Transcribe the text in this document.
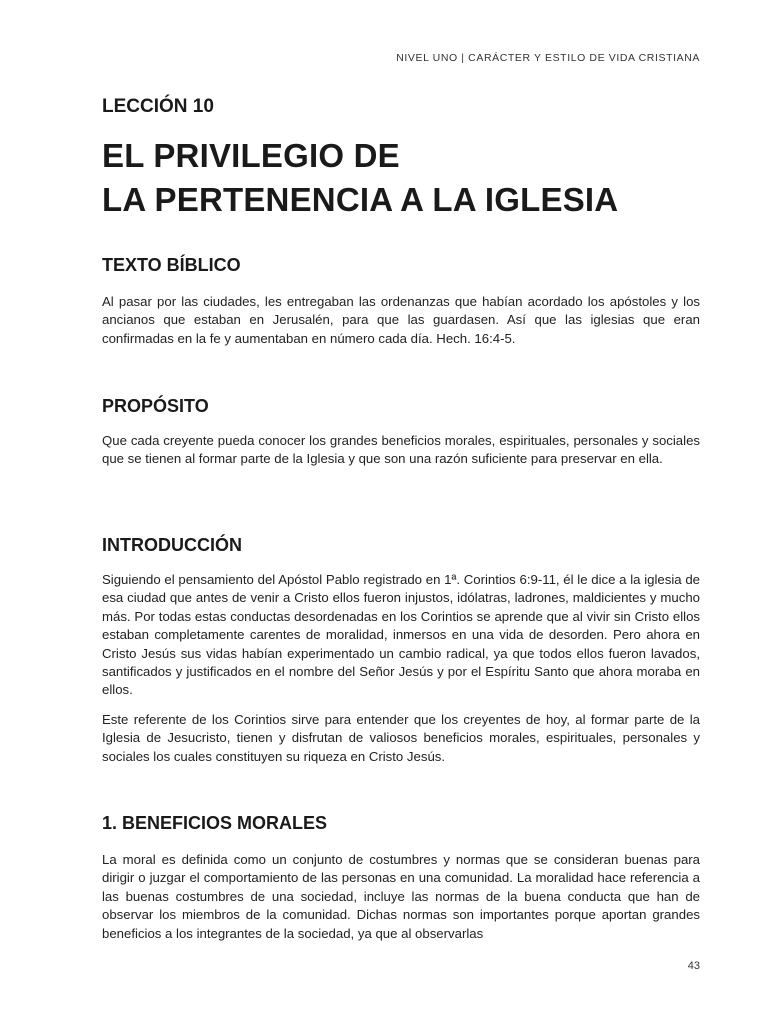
NIVEL UNO | CARÁCTER Y ESTILO DE VIDA CRISTIANA
LECCIÓN 10
EL PRIVILEGIO DE
LA PERTENENCIA A LA IGLESIA
TEXTO BÍBLICO

Al pasar por las ciudades, les entregaban las ordenanzas que habían acordado los apóstoles y los ancianos que estaban en Jerusalén, para que las guardasen. Así que las iglesias que eran confirmadas en la fe y aumentaban en número cada día. Hech. 16:4-5.

PROPÓSITO

Que cada creyente pueda conocer los grandes beneficios morales, espirituales, personales y sociales que se tienen al formar parte de la Iglesia y que son una razón suficiente para preservar en ella.

INTRODUCCIÓN

Siguiendo el pensamiento del Apóstol Pablo registrado en 1ª. Corintios 6:9-11, él le dice a la iglesia de esa ciudad que antes de venir a Cristo ellos fueron injustos, idólatras, ladrones, maldicientes y mucho más. Por todas estas conductas desordenadas en los Corintios se aprende que al vivir sin Cristo ellos estaban completamente carentes de moralidad, inmersos en una vida de desorden. Pero ahora en Cristo Jesús sus vidas habían experimentado un cambio radical, ya que todos ellos fueron lavados, santificados y justificados en el nombre del Señor Jesús y por el Espíritu Santo que ahora moraba en ellos.

Este referente de los Corintios sirve para entender que los creyentes de hoy, al formar parte de la Iglesia de Jesucristo, tienen y disfrutan de valiosos beneficios morales, espirituales, personales y sociales los cuales constituyen su riqueza en Cristo Jesús.

1. BENEFICIOS MORALES

La moral es definida como un conjunto de costumbres y normas que se consideran buenas para dirigir o juzgar el comportamiento de las personas en una comunidad. La moralidad hace referencia a las buenas costumbres de una sociedad, incluye las normas de la buena conducta que han de observar los miembros de la comunidad. Dichas normas son importantes porque aportan grandes beneficios a los integrantes de la sociedad, ya que al observarlas

43
